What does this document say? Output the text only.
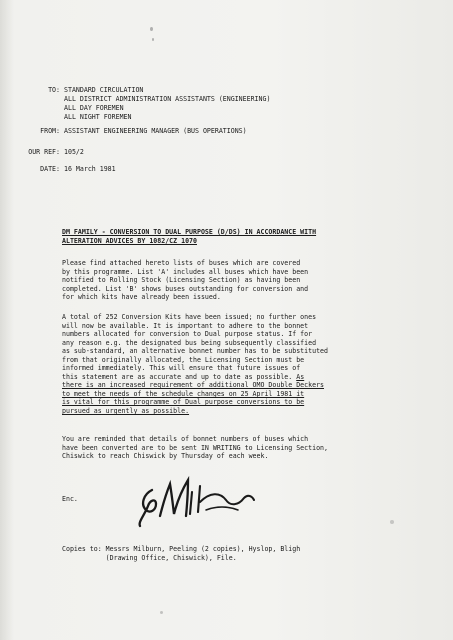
TO: STANDARD CIRCULATION
ALL DISTRICT ADMINISTRATION ASSISTANTS (ENGINEERING)
ALL DAY FOREMEN
ALL NIGHT FOREMEN
FROM: ASSISTANT ENGINEERING MANAGER (BUS OPERATIONS)
OUR REF: 105/2
DATE: 16 March 1981
DM FAMILY - CONVERSION TO DUAL PURPOSE (D/DS) IN ACCORDANCE WITH
ALTERATION ADVICES BY 1082/CZ 1070
Please find attached hereto lists of buses which are covered
by this programme. List 'A' includes all buses which have been
notified to Rolling Stock (Licensing Section) as having been
completed. List 'B' shows buses outstanding for conversion and
for which kits have already been issued.
A total of 252 Conversion Kits have been issued; no further ones
will now be available. It is important to adhere to the bonnet
numbers allocated for conversion to Dual purpose status. If for
any reason e.g. the designated bus being subsequently classified
as sub-standard, an alternative bonnet number has to be substituted
from that originally allocated, the Licensing Section must be
informed immediately. This will ensure that future issues of
this statement are as accurate and up to date as possible. As
there is an increased requirement of additional OMO Double Deckers
to meet the needs of the schedule changes on 25 April 1981 it
is vital for this programme of Dual purpose conversions to be
pursued as urgently as possible.
You are reminded that details of bonnet numbers of buses which
have been converted are to be sent IN WRITING to Licensing Section,
Chiswick to reach Chiswick by Thursday of each week.
Enc.
Copies to: Messrs Milburn, Peeling (2 copies), Hyslop, Bligh
(Drawing Office, Chiswick), File.
